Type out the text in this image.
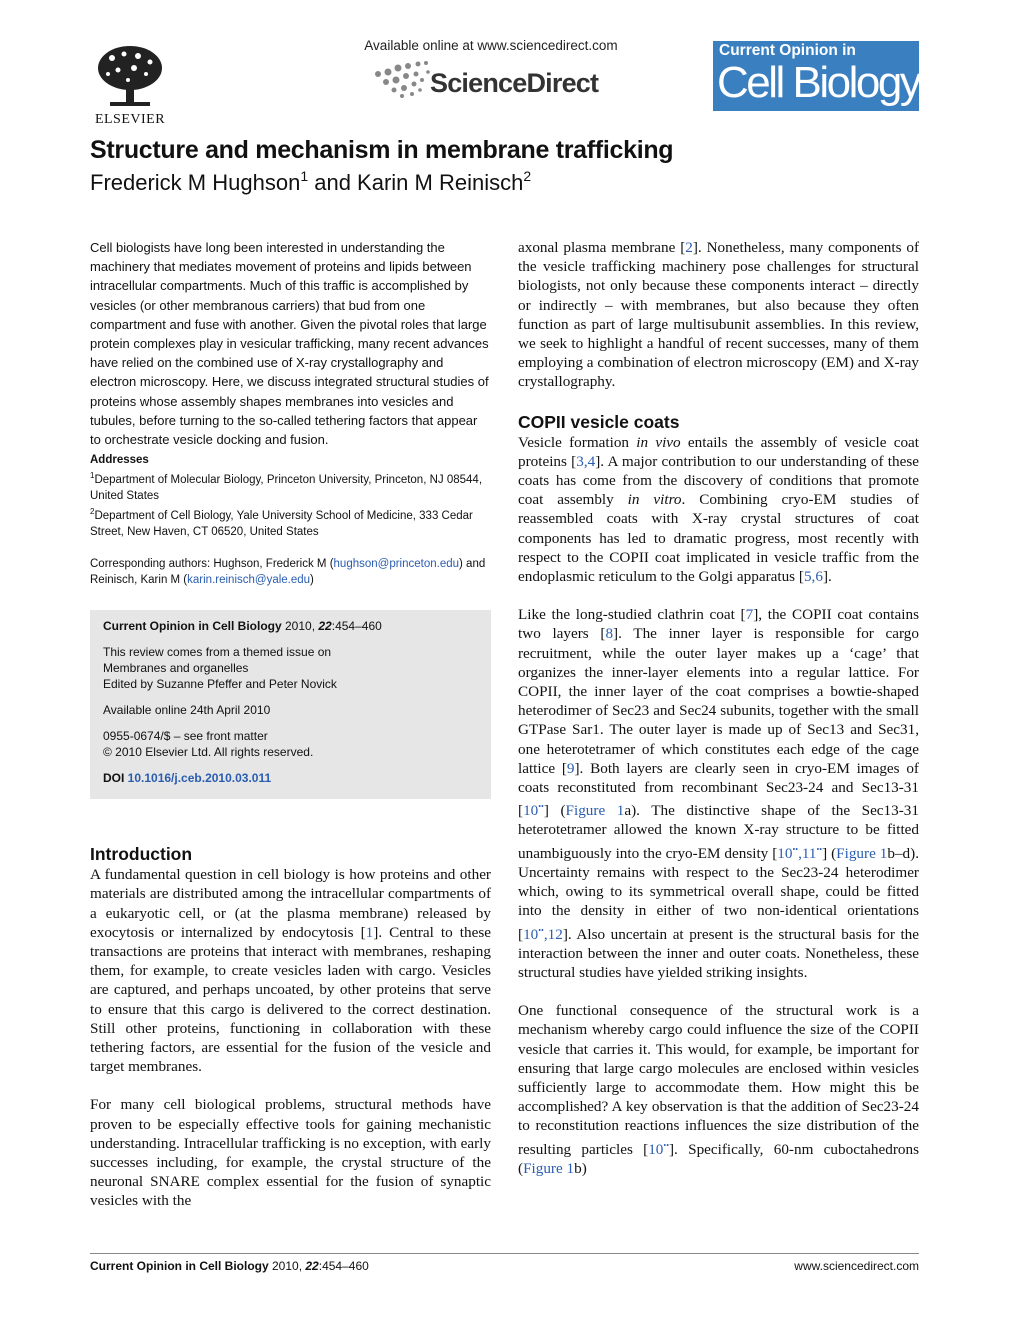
ELSEVIER
Available online at www.sciencedirect.com
ScienceDirect
Current Opinion in
Cell Biology
Structure and mechanism in membrane trafficking
Frederick M Hughson$^1$ and Karin M Reinisch$^2$

Cell biologists have long been interested in understanding the machinery that mediates movement of proteins and lipids between intracellular compartments. Much of this traffic is accomplished by vesicles (or other membranous carriers) that bud from one compartment and fuse with another. Given the pivotal roles that large protein complexes play in vesicular trafficking, many recent advances have relied on the combined use of X-ray crystallography and electron microscopy. Here, we discuss integrated structural studies of proteins whose assembly shapes membranes into vesicles and tubules, before turning to the so-called tethering factors that appear to orchestrate vesicle docking and fusion.

Addresses
$^1$Department of Molecular Biology, Princeton University, Princeton, NJ 08544, United States
$^2$Department of Cell Biology, Yale University School of Medicine, 333 Cedar Street, New Haven, CT 06520, United States
Corresponding authors: Hughson, Frederick M (hughson@princeton.edu) and Reinisch, Karin M (karin.reinisch@yale.edu)
Current Opinion in Cell Biology 2010, 22:454–460
This review comes from a themed issue on
Membranes and organelles
Edited by Suzanne Pfeffer and Peter Novick
Available online 24th April 2010
0955-0674/$ – see front matter
© 2010 Elsevier Ltd. All rights reserved.
DOI 10.1016/j.ceb.2010.03.011
Introduction

A fundamental question in cell biology is how proteins and other materials are distributed among the intracellular compartments of a eukaryotic cell, or (at the plasma membrane) released by exocytosis or internalized by endocytosis [1]. Central to these transactions are proteins that interact with membranes, reshaping them, for example, to create vesicles laden with cargo. Vesicles are captured, and perhaps uncoated, by other proteins that serve to ensure that this cargo is delivered to the correct destination. Still other proteins, functioning in collaboration with these tethering factors, are essential for the fusion of the vesicle and target membranes.

For many cell biological problems, structural methods have proven to be especially effective tools for gaining mechanistic understanding. Intracellular trafficking is no exception, with early successes including, for example, the crystal structure of the neuronal SNARE complex essential for the fusion of synaptic vesicles with the

axonal plasma membrane [2]. Nonetheless, many components of the vesicle trafficking machinery pose challenges for structural biologists, not only because these components interact – directly or indirectly – with membranes, but also because they often function as part of large multisubunit assemblies. In this review, we seek to highlight a handful of recent successes, many of them employing a combination of electron microscopy (EM) and X-ray crystallography.

COPII vesicle coats

Vesicle formation in vivo entails the assembly of vesicle coat proteins [3,4]. A major contribution to our understanding of these coats has come from the discovery of conditions that promote coat assembly in vitro. Combining cryo-EM studies of reassembled coats with X-ray crystal structures of coat components has led to dramatic progress, most recently with respect to the COPII coat implicated in vesicle traffic from the endoplasmic reticulum to the Golgi apparatus [5,6].

Like the long-studied clathrin coat [7], the COPII coat contains two layers [8]. The inner layer is responsible for cargo recruitment, while the outer layer makes up a ‘cage’ that organizes the inner-layer elements into a regular lattice. For COPII, the inner layer of the coat comprises a bowtie-shaped heterodimer of Sec23 and Sec24 subunits, together with the small GTPase Sar1. The outer layer is made up of Sec13 and Sec31, one heterotetramer of which constitutes each edge of the cage lattice [9]. Both layers are clearly seen in cryo-EM images of coats reconstituted from recombinant Sec23-24 and Sec13-31 [10••] (Figure 1a). The distinctive shape of the Sec13-31 heterotetramer allowed the known X-ray structure to be fitted unambiguously into the cryo-EM density [10••,11••] (Figure 1b–d). Uncertainty remains with respect to the Sec23-24 heterodimer which, owing to its symmetrical overall shape, could be fitted into the density in either of two non-identical orientations [10••,12]. Also uncertain at present is the structural basis for the interaction between the inner and outer coats. Nonetheless, these structural studies have yielded striking insights.

One functional consequence of the structural work is a mechanism whereby cargo could influence the size of the COPII vesicle that carries it. This would, for example, be important for ensuring that large cargo molecules are enclosed within vesicles sufficiently large to accommodate them. How might this be accomplished? A key observation is that the addition of Sec23-24 to reconstitution reactions influences the size distribution of the resulting particles [10••]. Specifically, 60-nm cuboctahedrons (Figure 1b)

Current Opinion in Cell Biology 2010, 22:454–460	www.sciencedirect.com
